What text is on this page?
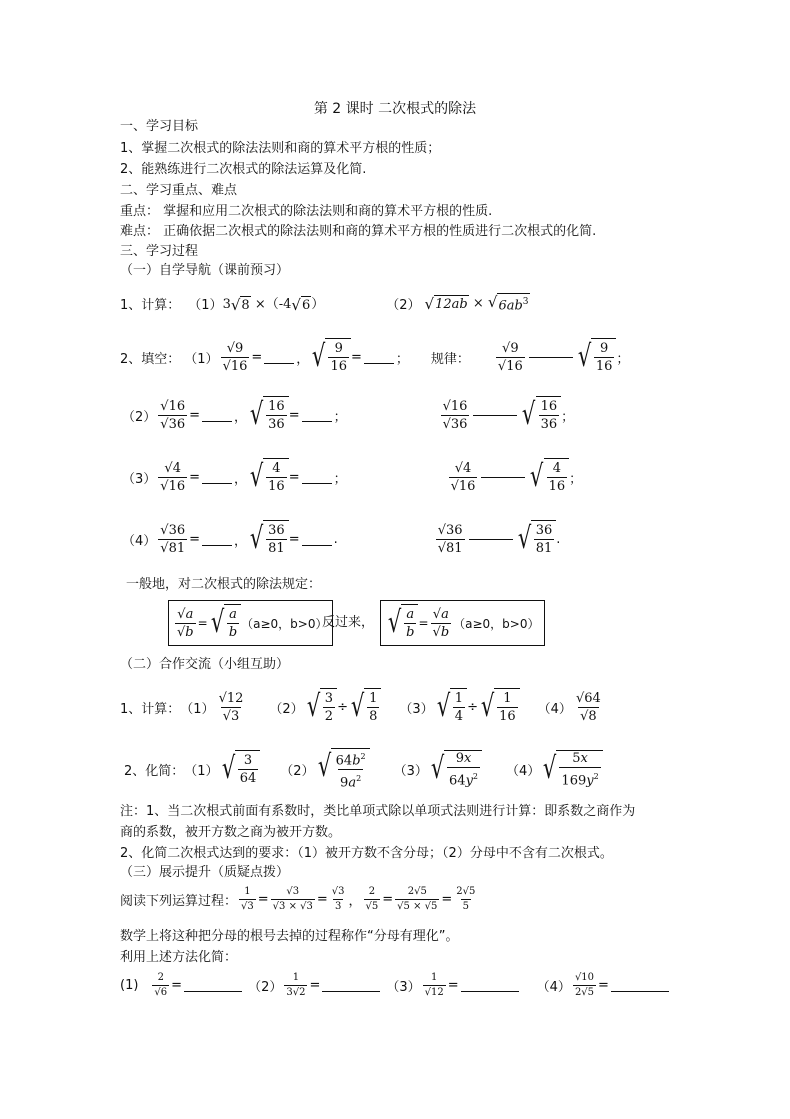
第 2 课时 二次根式的除法
一、学习目标
1、掌握二次根式的除法法则和商的算术平方根的性质；
2、能熟练进行二次根式的除法运算及化简.
二、学习重点、难点
重点： 掌握和应用二次根式的除法法则和商的算术平方根的性质.
难点： 正确依据二次根式的除法法则和商的算术平方根的性质进行二次根式的化简.
三、学习过程
（一）自学导航（课前预习）
1、计算： （1） 3 √ 8 ×（-4 √ 6 ）	（2） √ 12ab × √ $6ab^3$
2、填空： $(1) \frac{√9}{√16}$ =	， √ $\frac{9}{16}$ =	； 规律： $\frac{√9}{√16}$ √ $\frac{9}{16}$ ；
$(2) \frac{√16}{√36}$ =	， √ $\frac{16}{36}$ =	；	$\frac{√16}{√36}$ √ $\frac{16}{36}$ ；
$(3) \frac{√4}{√16}$ =	， √ $\frac{4}{16}$ =	；	$\frac{√4}{√16}$ √ $\frac{4}{16}$ ；
$(4) \frac{√36}{√81}$ =	， √ $\frac{36}{81}$ =	.	$\frac{√36}{√81}$ √ $\frac{36}{81}$ .
一般地，对二次根式的除法规定：
$\frac{√a}{√b}$ = √ $\frac{a}{b} (a\ge 0$，b>0）
反过来， √ $\frac{a}{b} = \frac{√a}{√b} (a\ge 0$，b>0）
（二）合作交流（小组互助）
1、计算： $(1) \frac{√12}{√3} (2)$ √ $\frac{3}{2}$ ÷ √ $\frac{1}{8} (3)$ √ $\frac{1}{4}$ ÷ √ $\frac{1}{16} (4) \frac{√64}{√8}$
2、化简： （1） √ $\frac{3}{64} (2)$ √ $\frac{64b^2}{9a^2} (3)$ √ $\frac{9x}{64y^2} (4)$ √ $\frac{5x}{169y^2}$
注：1、当二次根式前面有系数时，类比单项式除以单项式法则进行计算：即系数之商作为
商的系数，被开方数之商为被开方数。
2、化简二次根式达到的要求：（1）被开方数不含分母；（2）分母中不含有二次根式。
（三）展示提升（质疑点拨）
阅读下列运算过程： $\frac{1}{√3} = \frac{√3}{√3 \times √3} = \frac{√3}{3}$ ， $\frac{2}{√5} = \frac{2√5}{√5 \times √5} = \frac{2√5}{5}$
数学上将这种把分母的根号去掉的过程称作“分母有理化”。
利用上述方法化简：
$(1) \frac{2}{√6}$ =	$(2) \frac{1}{3√2}$ =	$(3) \frac{1}{√12}$ =	$(4) \frac{√10}{2√5}$ =
